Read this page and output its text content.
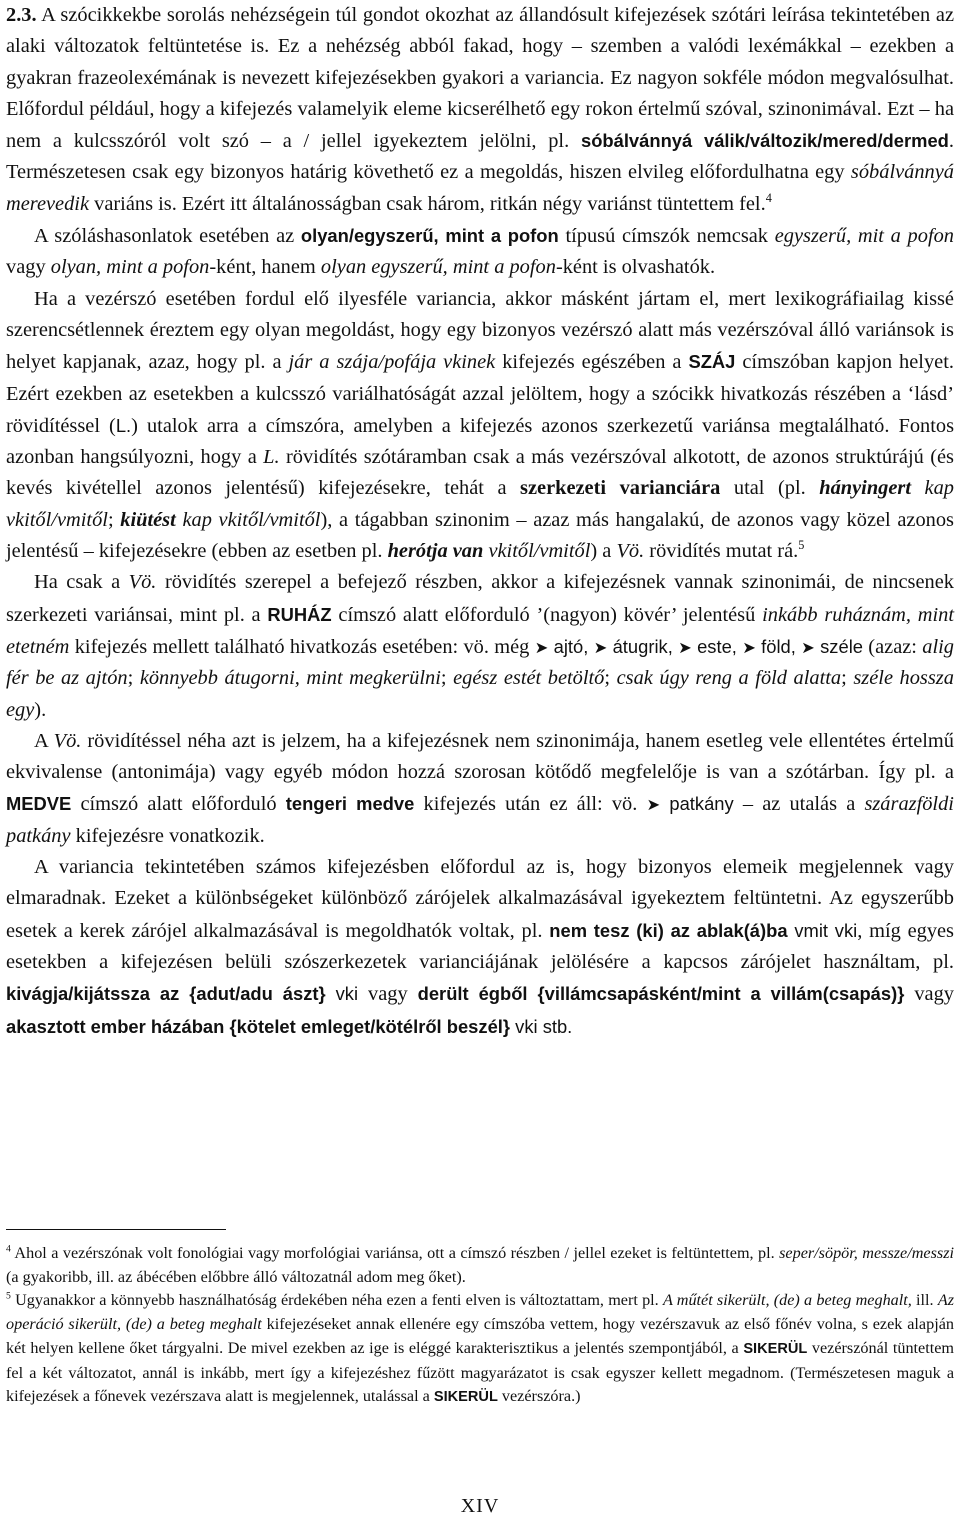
2.3. A szócikkekbe sorolás nehézségein túl gondot okozhat az állandósult kifejezések szótári leírása tekintetében az alaki változatok feltüntetése is. Ez a nehézség abból fakad, hogy – szemben a valódi lexémákkal – ezekben a gyakran frazeolexémának is nevezett kifejezésekben gyakori a variancia. Ez nagyon sokféle módon megvalósulhat. Előfordul például, hogy a kifejezés valamelyik eleme kicserélhető egy rokon értelmű szóval, szinonimával. Ezt – ha nem a kulcsszóról volt szó – a / jellel igyekeztem jelölni, pl. sóbálvánnyá válik/változik/mered/dermed. Természetesen csak egy bizonyos határig követhető ez a megoldás, hiszen elvileg előfordulhatna egy sóbálvánnyá merevedik variáns is. Ezért itt általánosságban csak három, ritkán négy variánst tüntettem fel.$^4$

A szóláshasonlatok esetében az olyan/egyszerű, mint a pofon típusú címszók nemcsak egyszerű, mit a pofon vagy olyan, mint a pofon-ként, hanem olyan egyszerű, mint a pofon-ként is olvashatók.

Ha a vezérszó esetében fordul elő ilyesféle variancia, akkor másként jártam el, mert lexikográfiailag kissé szerencsétlennek éreztem egy olyan megoldást, hogy egy bizonyos vezérszó alatt más vezérszóval álló variánsok is helyet kapjanak, azaz, hogy pl. a jár a szája/pofája vkinek kifejezés egészében a SZÁJ címszóban kapjon helyet. Ezért ezekben az esetekben a kulcsszó variálhatóságát azzal jelöltem, hogy a szócikk hivatkozás részében a ‘lásd’ rövidítéssel (L.) utalok arra a címszóra, amelyben a kifejezés azonos szerkezetű variánsa megtalálható. Fontos azonban hangsúlyozni, hogy a L. rövidítés szótáramban csak a más vezérszóval alkotott, de azonos struktúrájú (és kevés kivétellel azonos jelentésű) kifejezésekre, tehát a szerkezeti varianciára utal (pl. hányingert kap vkitől/vmitől; kiütést kap vkitől/vmitől), a tágabban szinonim – azaz más hangalakú, de azonos vagy közel azonos jelentésű – kifejezésekre (ebben az esetben pl. herótja van vkitől/vmitől) a Vö. rövidítés mutat rá.$^5$

Ha csak a Vö. rövidítés szerepel a befejező részben, akkor a kifejezésnek vannak szinonimái, de nincsenek szerkezeti variánsai, mint pl. a RUHÁZ címszó alatt előforduló ’(nagyon) kövér’ jelentésű inkább ruháznám, mint etetném kifejezés mellett található hivatkozás esetében: vö. még ➤ ajtó, ➤ átugrik, ➤ este, ➤ föld, ➤ széle (azaz: alig fér be az ajtón; könnyebb átugorni, mint megkerülni; egész estét betöltő; csak úgy reng a föld alatta; széle hossza egy).

A Vö. rövidítéssel néha azt is jelzem, ha a kifejezésnek nem szinonimája, hanem esetleg vele ellentétes értelmű ekvivalense (antonimája) vagy egyéb módon hozzá szorosan kötődő megfelelője is van a szótárban. Így pl. a MEDVE címszó alatt előforduló tengeri medve kifejezés után ez áll: vö. ➤ patkány – az utalás a szárazföldi patkány kifejezésre vonatkozik.

A variancia tekintetében számos kifejezésben előfordul az is, hogy bizonyos elemeik megjelennek vagy elmaradnak. Ezeket a különbségeket különböző zárójelek alkalmazásával igyekeztem feltüntetni. Az egyszerűbb esetek a kerek zárójel alkalmazásával is megoldhatók voltak, pl. nem tesz (ki) az ablak(á)ba vmit vki, míg egyes esetekben a kifejezésen belüli szószerkezetek varianciájának jelölésére a kapcsos zárójelet használtam, pl. kivágja/kijátssza az {adut/adu ászt} vki vagy derült égből {villámcsapásként/mint a villám(csapás)} vagy akasztott ember házában {kötelet emleget/kötélről beszél} vki stb.

$^4$ Ahol a vezérszónak volt fonológiai vagy morfológiai variánsa, ott a címszó részben / jellel ezeket is feltüntettem, pl. seper/söpör, messze/messzi (a gyakoribb, ill. az ábécében előbbre álló változatnál adom meg őket).

$^5$ Ugyanakkor a könnyebb használhatóság érdekében néha ezen a fenti elven is változtattam, mert pl. A műtét sikerült, (de) a beteg meghalt, ill. Az operáció sikerült, (de) a beteg meghalt kifejezéseket annak ellenére egy címszóba vettem, hogy vezérszavuk az első főnév volna, s ezek alapján két helyen kellene őket tárgyalni. De mivel ezekben az ige is eléggé karakterisztikus a jelentés szempontjából, a SIKERÜL vezérszónál tüntettem fel a két változatot, annál is inkább, mert így a kifejezéshez fűzött magyarázatot is csak egyszer kellett megadnom. (Természetesen maguk a kifejezések a főnevek vezérszava alatt is megjelennek, utalással a SIKERÜL vezérszóra.)

XIV
